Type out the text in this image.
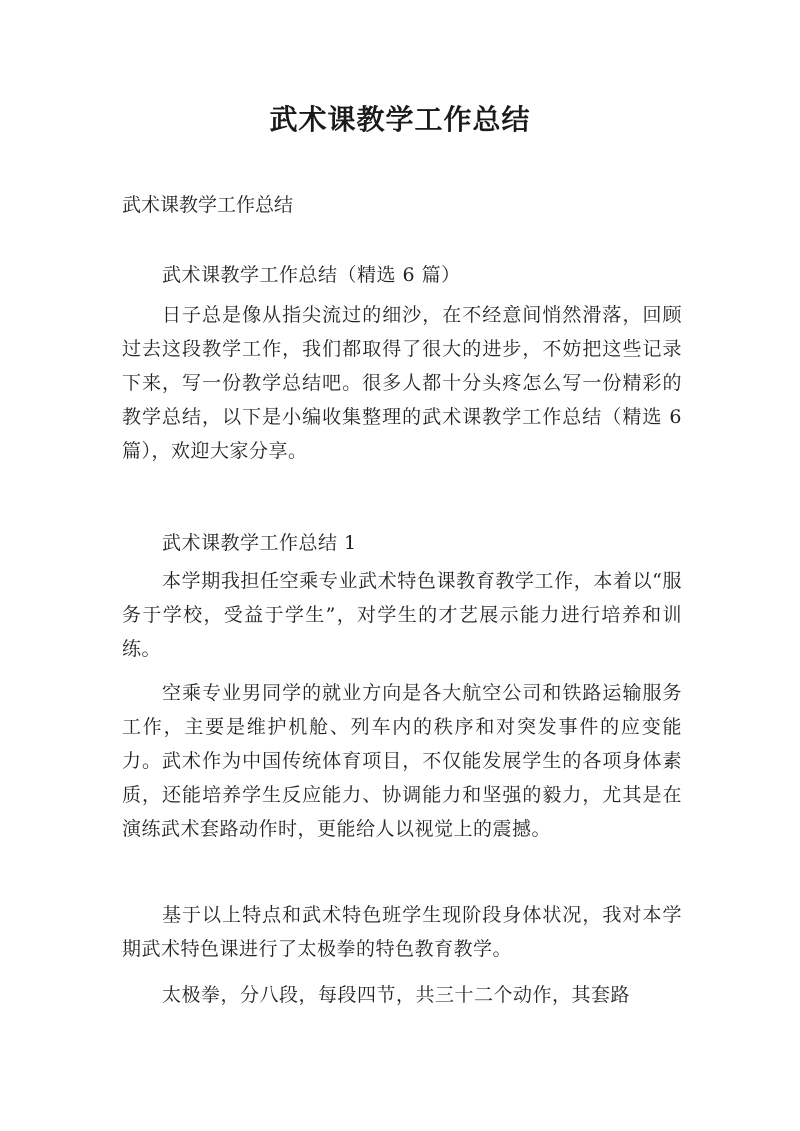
武术课教学工作总结
武术课教学工作总结
武术课教学工作总结（精选 6 篇）
日子总是像从指尖流过的细沙，在不经意间悄然滑落，回顾过去这段教学工作，我们都取得了很大的进步，不妨把这些记录下来，写一份教学总结吧。很多人都十分头疼怎么写一份精彩的教学总结，以下是小编收集整理的武术课教学工作总结（精选 6 篇），欢迎大家分享。
武术课教学工作总结 1
本学期我担任空乘专业武术特色课教育教学工作，本着以“服务于学校，受益于学生”，对学生的才艺展示能力进行培养和训练。
空乘专业男同学的就业方向是各大航空公司和铁路运输服务工作，主要是维护机舱、列车内的秩序和对突发事件的应变能力。武术作为中国传统体育项目，不仅能发展学生的各项身体素质，还能培养学生反应能力、协调能力和坚强的毅力，尤其是在演练武术套路动作时，更能给人以视觉上的震撼。
基于以上特点和武术特色班学生现阶段身体状况，我对本学期武术特色课进行了太极拳的特色教育教学。
太极拳，分八段，每段四节，共三十二个动作，其套路
